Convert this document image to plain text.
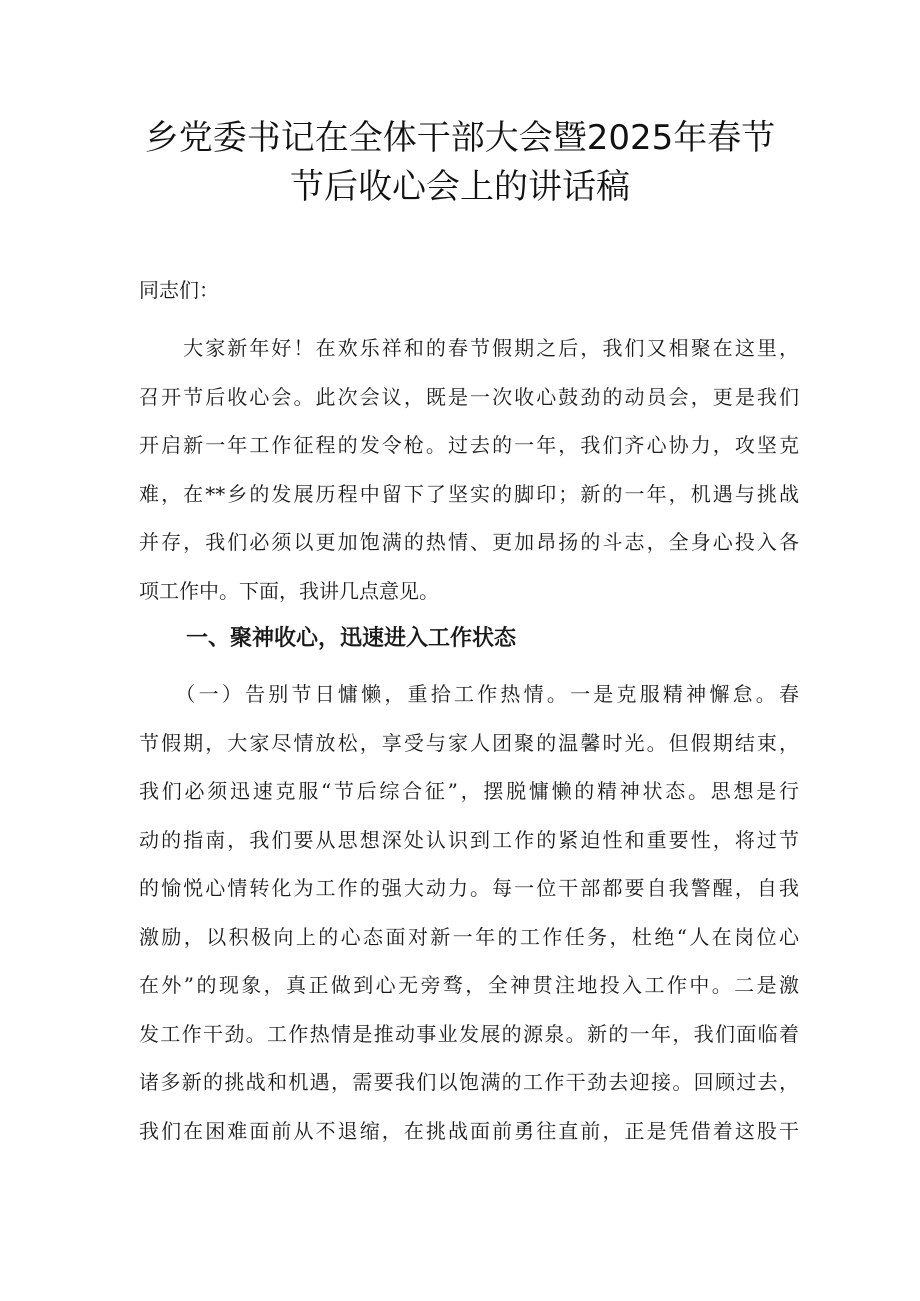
乡党委书记在全体干部大会暨2025年春节
节后收心会上的讲话稿

同志们：

　　大家新年好！在欢乐祥和的春节假期之后，我们又相聚在这里，
召开节后收心会。此次会议，既是一次收心鼓劲的动员会，更是我们
开启新一年工作征程的发令枪。过去的一年，我们齐心协力，攻坚克
难，在**乡的发展历程中留下了坚实的脚印；新的一年，机遇与挑战
并存，我们必须以更加饱满的热情、更加昂扬的斗志，全身心投入各
项工作中。下面，我讲几点意见。
一、聚神收心，迅速进入工作状态
　　（一）告别节日慵懒，重拾工作热情。一是克服精神懈怠。春
节假期，大家尽情放松，享受与家人团聚的温馨时光。但假期结束，
我们必须迅速克服“节后综合征”，摆脱慵懒的精神状态。思想是行
动的指南，我们要从思想深处认识到工作的紧迫性和重要性，将过节
的愉悦心情转化为工作的强大动力。每一位干部都要自我警醒，自我
激励，以积极向上的心态面对新一年的工作任务，杜绝“人在岗位心
在外”的现象，真正做到心无旁骛，全神贯注地投入工作中。二是激
发工作干劲。工作热情是推动事业发展的源泉。新的一年，我们面临着
诸多新的挑战和机遇，需要我们以饱满的工作干劲去迎接。回顾过去，
我们在困难面前从不退缩，在挑战面前勇往直前，正是凭借着这股干
